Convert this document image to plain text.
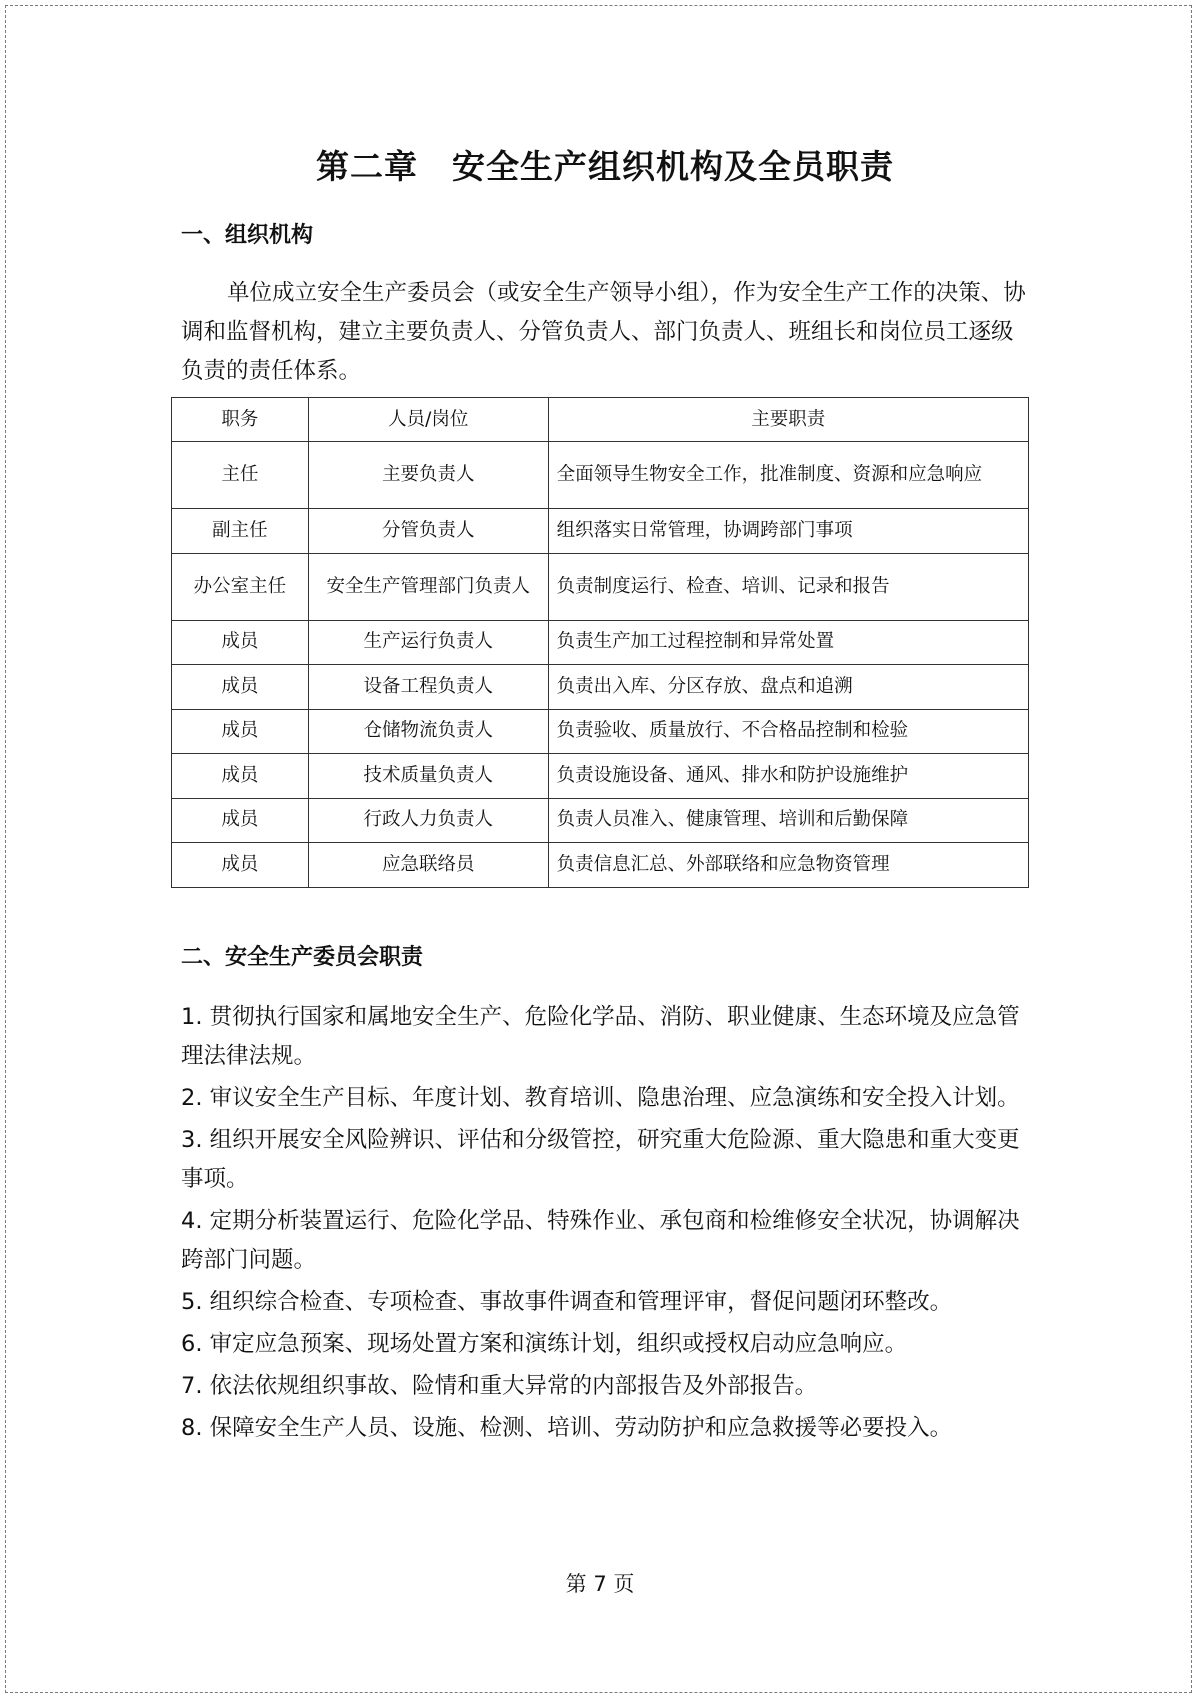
第二章 安全生产组织机构及全员职责
一、组织机构

单位成立安全生产委员会（或安全生产领导小组），作为安全生产工作的决策、协调和监督机构，建立主要负责人、分管负责人、部门负责人、班组长和岗位员工逐级负责的责任体系。

职务	人员/岗位	主要职责
主任	主要负责人	全面领导生物安全工作，批准制度、资源和应急响应
副主任	分管负责人	组织落实日常管理，协调跨部门事项
办公室主任	安全生产管理部门负责人	负责制度运行、检查、培训、记录和报告
成员	生产运行负责人	负责生产加工过程控制和异常处置
成员	设备工程负责人	负责出入库、分区存放、盘点和追溯
成员	仓储物流负责人	负责验收、质量放行、不合格品控制和检验
成员	技术质量负责人	负责设施设备、通风、排水和防护设施维护
成员	行政人力负责人	负责人员准入、健康管理、培训和后勤保障
成员	应急联络员	负责信息汇总、外部联络和应急物资管理
二、安全生产委员会职责
1. 贯彻执行国家和属地安全生产、危险化学品、消防、职业健康、生态环境及应急管理法律法规。
2. 审议安全生产目标、年度计划、教育培训、隐患治理、应急演练和安全投入计划。
3. 组织开展安全风险辨识、评估和分级管控，研究重大危险源、重大隐患和重大变更事项。
4. 定期分析装置运行、危险化学品、特殊作业、承包商和检维修安全状况，协调解决跨部门问题。
5. 组织综合检查、专项检查、事故事件调查和管理评审，督促问题闭环整改。
6. 审定应急预案、现场处置方案和演练计划，组织或授权启动应急响应。
7. 依法依规组织事故、险情和重大异常的内部报告及外部报告。
8. 保障安全生产人员、设施、检测、培训、劳动防护和应急救援等必要投入。
第 7 页
